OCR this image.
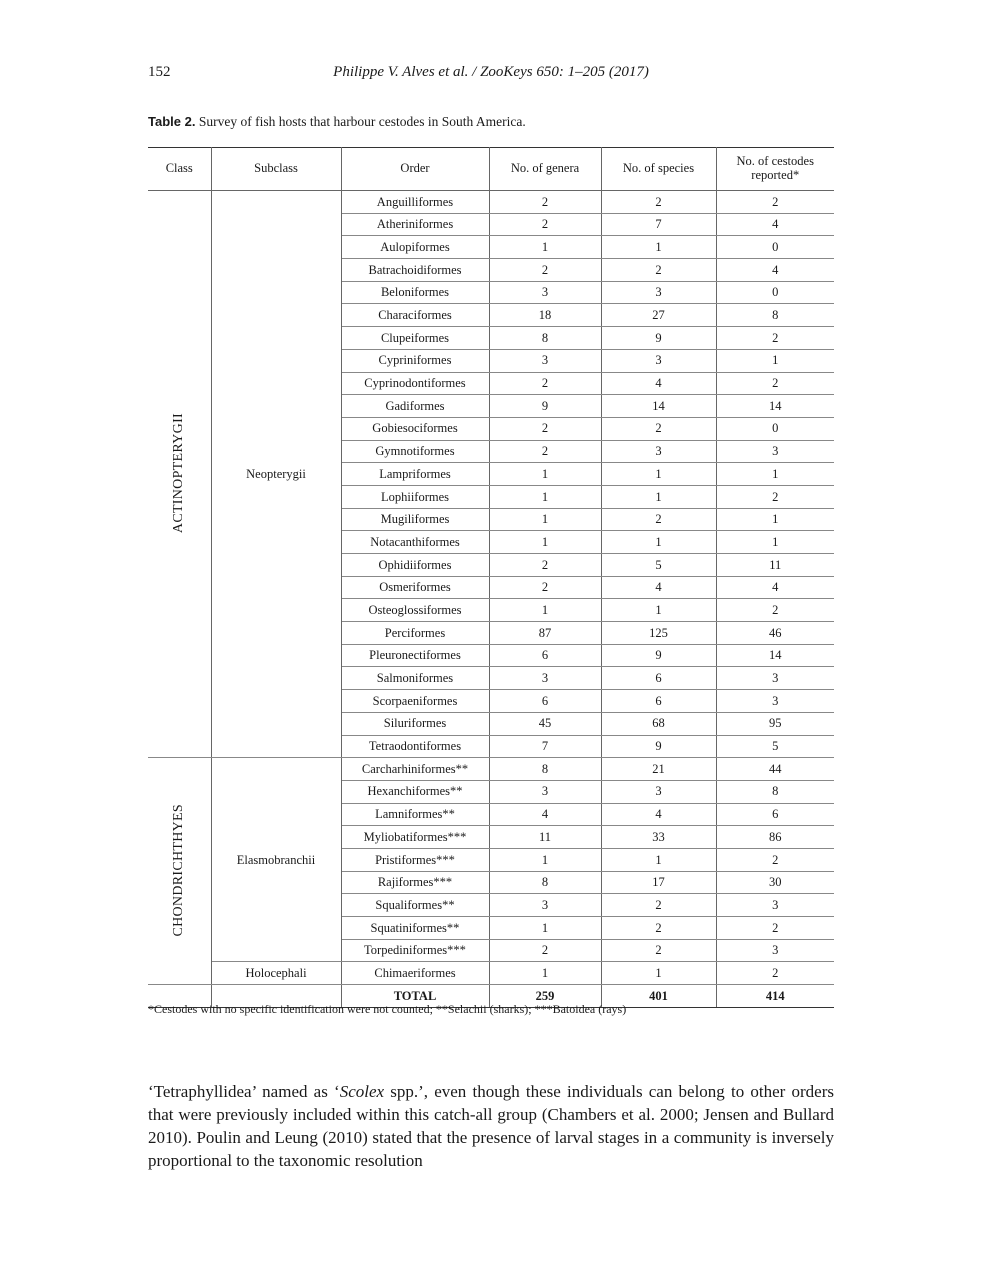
152	Philippe V. Alves et al. / ZooKeys 650: 1–205 (2017)
Table 2. Survey of fish hosts that harbour cestodes in South America.
Class	Subclass	Order	No. of genera	No. of species	No. of cestodes reported*
ACTINOPTERYGII	Neopterygii	Anguilliformes	2	2	2
		Atheriniformes	2	7	4
		Aulopiformes	1	1	0
		Batrachoidiformes	2	2	4
		Beloniformes	3	3	0
		Characiformes	18	27	8
		Clupeiformes	8	9	2
		Cypriniformes	3	3	1
		Cyprinodontiformes	2	4	2
		Gadiformes	9	14	14
		Gobiesociformes	2	2	0
		Gymnotiformes	2	3	3
		Lampriformes	1	1	1
		Lophiiformes	1	1	2
		Mugiliformes	1	2	1
		Notacanthiformes	1	1	1
		Ophidiiformes	2	5	11
		Osmeriformes	2	4	4
		Osteoglossiformes	1	1	2
		Perciformes	87	125	46
		Pleuronectiformes	6	9	14
		Salmoniformes	3	6	3
		Scorpaeniformes	6	6	3
		Siluriformes	45	68	95
		Tetraodontiformes	7	9	5
CHONDRICHTHYES	Elasmobranchii	Carcharhiniformes**	8	21	44
		Hexanchiformes**	3	3	8
		Lamniformes**	4	4	6
		Myliobatiformes***	11	33	86
		Pristiformes***	1	1	2
		Rajiformes***	8	17	30
		Squaliformes**	3	2	3
		Squatiniformes**	1	2	2
		Torpediniformes***	2	2	3
	Holocephali	Chimaeriformes	1	1	2
		TOTAL	259	401	414
*Cestodes with no specific identification were not counted; **Selachii (sharks); ***Batoidea (rays)

‘Tetraphyllidea’ named as ‘Scolex spp.’, even though these individuals can belong to other orders that were previously included within this catch-all group (Chambers et al. 2000; Jensen and Bullard 2010). Poulin and Leung (2010) stated that the presence of larval stages in a community is inversely proportional to the taxonomic resolution
